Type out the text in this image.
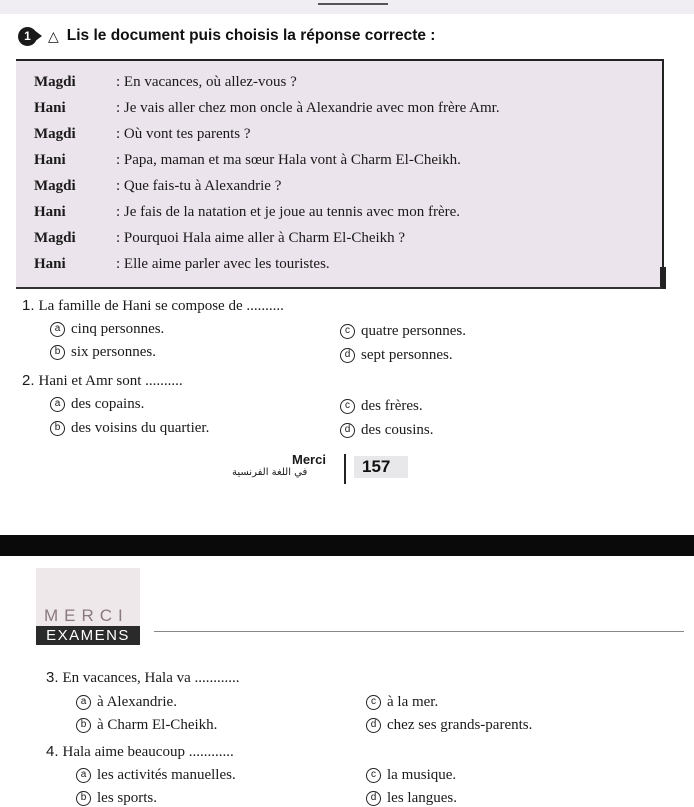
1	△ Lis le document puis choisis la réponse correcte :
Magdi	: En vacances, où allez-vous ?
Hani	: Je vais aller chez mon oncle à Alexandrie avec mon frère Amr.
Magdi	: Où vont tes parents ?
Hani	: Papa, maman et ma sœur Hala vont à Charm El-Cheikh.
Magdi	: Que fais-tu à Alexandrie ?
Hani	: Je fais de la natation et je joue au tennis avec mon frère.
Magdi	: Pourquoi Hala aime aller à Charm El-Cheikh ?
Hani	: Elle aime parler avec les touristes.
1. La famille de Hani se compose de ..........
a cinq personnes.
b six personnes.
c quatre personnes.
d sept personnes.
2. Hani et Amr sont ..........
a des copains.
b des voisins du quartier.
c des frères.
d des cousins.
Merci
في اللغة الفرنسية	157
MERCI
EXAMENS
3. En vacances, Hala va ............
a à Alexandrie.
b à Charm El-Cheikh.
c à la mer.
d chez ses grands-parents.
4. Hala aime beaucoup ............
a les activités manuelles.
b les sports.
c la musique.
d les langues.
